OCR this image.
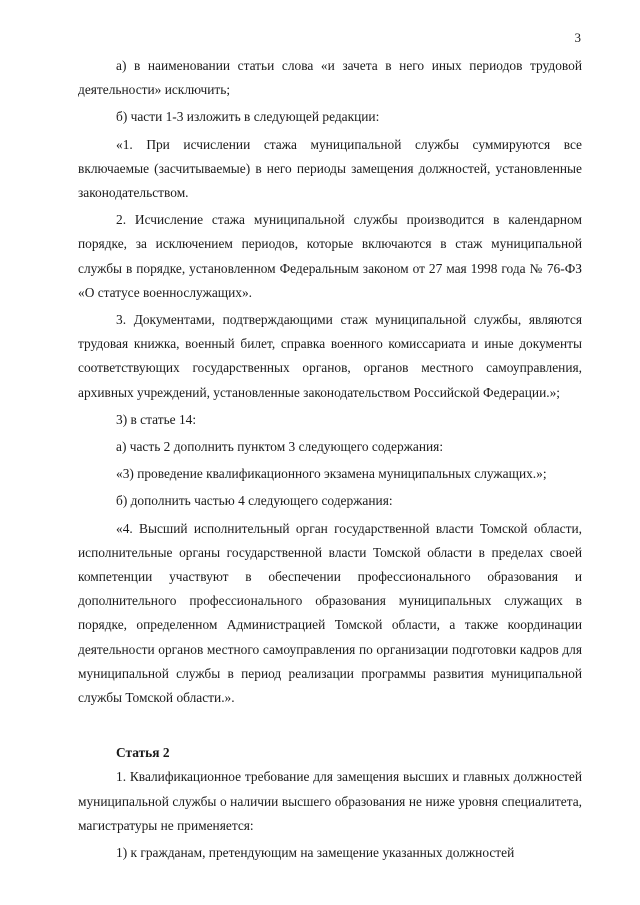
3

а) в наименовании статьи слова «и зачета в него иных периодов трудовой деятельности» исключить;

б) части 1-3 изложить в следующей редакции:

«1. При исчислении стажа муниципальной службы суммируются все включаемые (засчитываемые) в него периоды замещения должностей, установленные законодательством.

2. Исчисление стажа муниципальной службы производится в календарном порядке, за исключением периодов, которые включаются в стаж муниципальной службы в порядке, установленном Федеральным законом от 27 мая 1998 года № 76-ФЗ «О статусе военнослужащих».

3. Документами, подтверждающими стаж муниципальной службы, являются трудовая книжка, военный билет, справка военного комиссариата и иные документы соответствующих государственных органов, органов местного самоуправления, архивных учреждений, установленные законодательством Российской Федерации.»;

3) в статье 14:

а) часть 2 дополнить пунктом 3 следующего содержания:

«3) проведение квалификационного экзамена муниципальных служащих.»;

б) дополнить частью 4 следующего содержания:

«4. Высший исполнительный орган государственной власти Томской области, исполнительные органы государственной власти Томской области в пределах своей компетенции участвуют в обеспечении профессионального образования и дополнительного профессионального образования муниципальных служащих в порядке, определенном Администрацией Томской области, а также координации деятельности органов местного самоуправления по организации подготовки кадров для муниципальной службы в период реализации программы развития муниципальной службы Томской области.».

Статья 2

1. Квалификационное требование для замещения высших и главных должностей муниципальной службы о наличии высшего образования не ниже уровня специалитета, магистратуры не применяется:

1) к гражданам, претендующим на замещение указанных должностей
